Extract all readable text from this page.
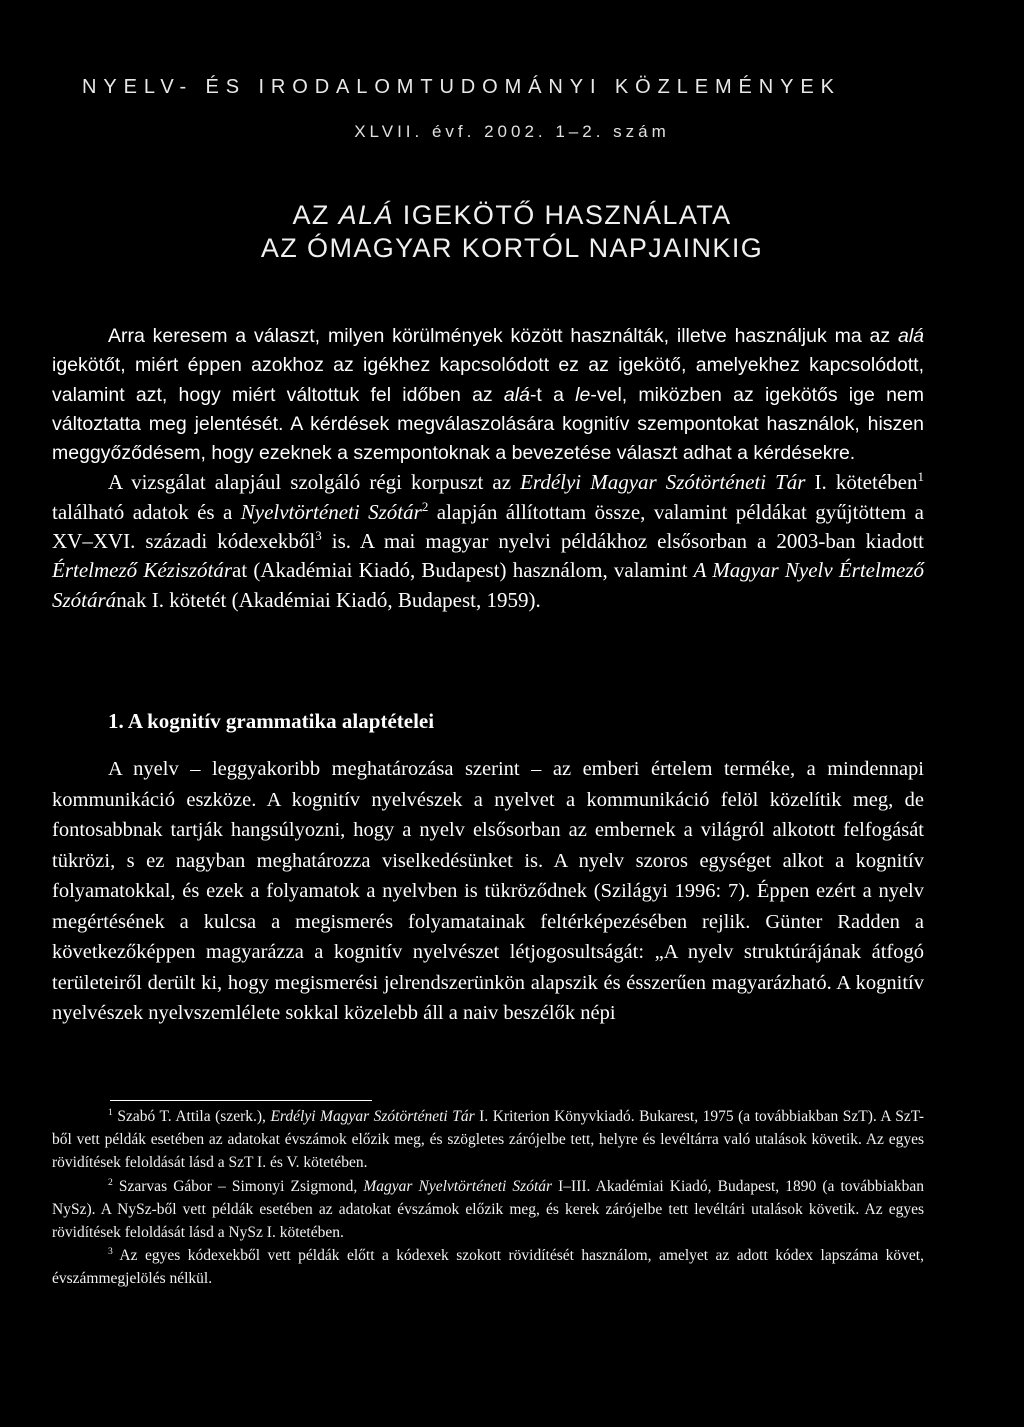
NYELV- ÉS IRODALOMTUDOMÁNYI KÖZLEMÉNYEK
XLVII. évf. 2002. 1–2. szám
AZ ALÁ IGEKÖTŐ HASZNÁLATA
AZ ÓMAGYAR KORTÓL NAPJAINKIG

Arra keresem a választ, milyen körülmények között használták, illetve használjuk ma az alá igekötőt, miért éppen azokhoz az igékhez kapcsolódott ez az igekötő, amelyekhez kapcsolódott, valamint azt, hogy miért váltottuk fel időben az alá-t a le-vel, miközben az igekötős ige nem változtatta meg jelentését. A kérdések megválaszolására kognitív szempontokat használok, hiszen meggyőződésem, hogy ezeknek a szempontoknak a bevezetése választ adhat a kérdésekre.

A vizsgálat alapjául szolgáló régi korpuszt az Erdélyi Magyar Szótörténeti Tár I. kötetében$^1$ található adatok és a Nyelvtörténeti Szótár$^2$ alapján állítottam össze, valamint példákat gyűjtöttem a XV–XVI. századi kódexekből$^3$ is. A mai magyar nyelvi példákhoz elsősorban a 2003-ban kiadott Értelmező Kéziszótárat (Akadémiai Kiadó, Budapest) használom, valamint A Magyar Nyelv Értelmező Szótárának I. kötetét (Akadémiai Kiadó, Budapest, 1959).

1. A kognitív grammatika alaptételei

A nyelv – leggyakoribb meghatározása szerint – az emberi értelem terméke, a mindennapi kommunikáció eszköze. A kognitív nyelvészek a nyelvet a kommunikáció felöl közelítik meg, de fontosabbnak tartják hangsúlyozni, hogy a nyelv elsősorban az embernek a világról alkotott felfogását tükrözi, s ez nagyban meghatározza viselkedésünket is. A nyelv szoros egységet alkot a kognitív folyamatokkal, és ezek a folyamatok a nyelvben is tükröződnek (Szilágyi 1996: 7). Éppen ezért a nyelv megértésének a kulcsa a megismerés folyamatainak feltérképezésében rejlik. Günter Radden a következőképpen magyarázza a kognitív nyelvészet létjogosultságát: „A nyelv struktúrájának átfogó területeiről derült ki, hogy megismerési jelrendszerünkön alapszik és ésszerűen magyarázható. A kognitív nyelvészek nyelvszemlélete sokkal közelebb áll a naiv beszélők népi

$^1$ Szabó T. Attila (szerk.), Erdélyi Magyar Szótörténeti Tár I. Kriterion Könyvkiadó. Bukarest, 1975 (a továbbiakban SzT). A SzT-ből vett példák esetében az adatokat évszámok előzik meg, és szögletes zárójelbe tett, helyre és levéltárra való utalások követik. Az egyes rövidítések feloldását lásd a SzT I. és V. kötetében.

$^2$ Szarvas Gábor – Simonyi Zsigmond, Magyar Nyelvtörténeti Szótár I–III. Akadémiai Kiadó, Budapest, 1890 (a továbbiakban NySz). A NySz-ből vett példák esetében az adatokat évszámok előzik meg, és kerek zárójelbe tett levéltári utalások követik. Az egyes rövidítések feloldását lásd a NySz I. kötetében.

$^3$ Az egyes kódexekből vett példák előtt a kódexek szokott rövidítését használom, amelyet az adott kódex lapszáma követ, évszámmegjelölés nélkül.
